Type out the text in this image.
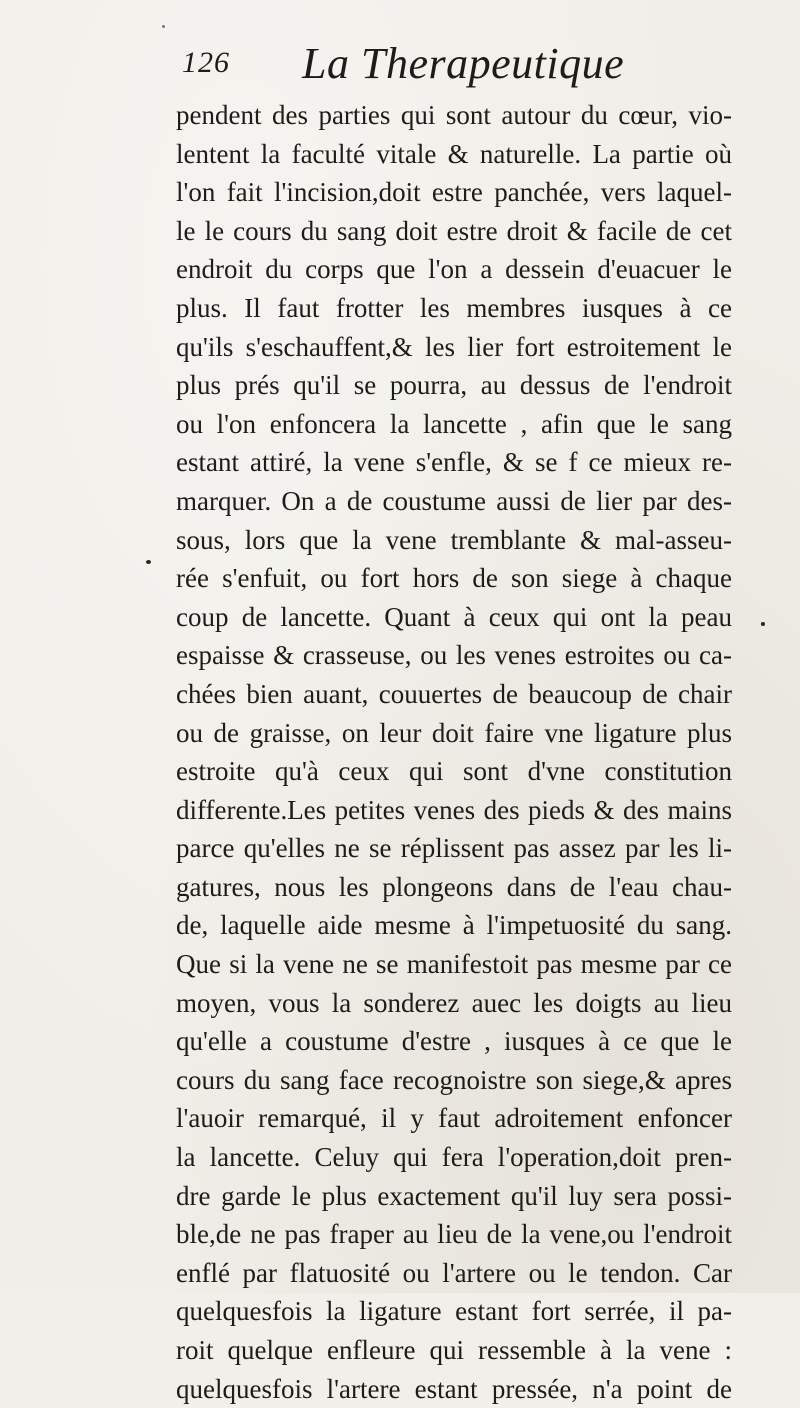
126 La Therapeutique
pendent des parties qui sont autour du cœur, vio-
lentent la faculté vitale & naturelle. La partie où
l'on fait l'incision,doit estre panchée, vers laquel-
le le cours du sang doit estre droit & facile de cet
endroit du corps que l'on a dessein d'euacuer le
plus. Il faut frotter les membres iusques à ce
qu'ils s'eschauffent,& les lier fort estroitement le
plus prés qu'il se pourra, au dessus de l'endroit
ou l'on enfoncera la lancette , afin que le sang
estant attiré, la vene s'enfle, & se f ce mieux re-
marquer. On a de coustume aussi de lier par des-
sous, lors que la vene tremblante & mal-asseu-
rée s'enfuit, ou fort hors de son siege à chaque
coup de lancette. Quant à ceux qui ont la peau
espaisse & crasseuse, ou les venes estroites ou ca-
chées bien auant, couuertes de beaucoup de chair
ou de graisse, on leur doit faire vne ligature plus
estroite qu'à ceux qui sont d'vne constitution
differente.Les petites venes des pieds & des mains
parce qu'elles ne se réplissent pas assez par les li-
gatures, nous les plongeons dans de l'eau chau-
de, laquelle aide mesme à l'impetuosité du sang.
Que si la vene ne se manifestoit pas mesme par ce
moyen, vous la sonderez auec les doigts au lieu
qu'elle a coustume d'estre , iusques à ce que le
cours du sang face recognoistre son siege,& apres
l'auoir remarqué, il y faut adroitement enfoncer
la lancette. Celuy qui fera l'operation,doit pren-
dre garde le plus exactement qu'il luy sera possi-
ble,de ne pas fraper au lieu de la vene,ou l'endroit
enflé par flatuosité ou l'artere ou le tendon. Car
quelquesfois la ligature estant fort serrée, il pa-
roit quelque enfleure qui ressemble à la vene :
quelquesfois l'artere estant pressée, n'a point de
